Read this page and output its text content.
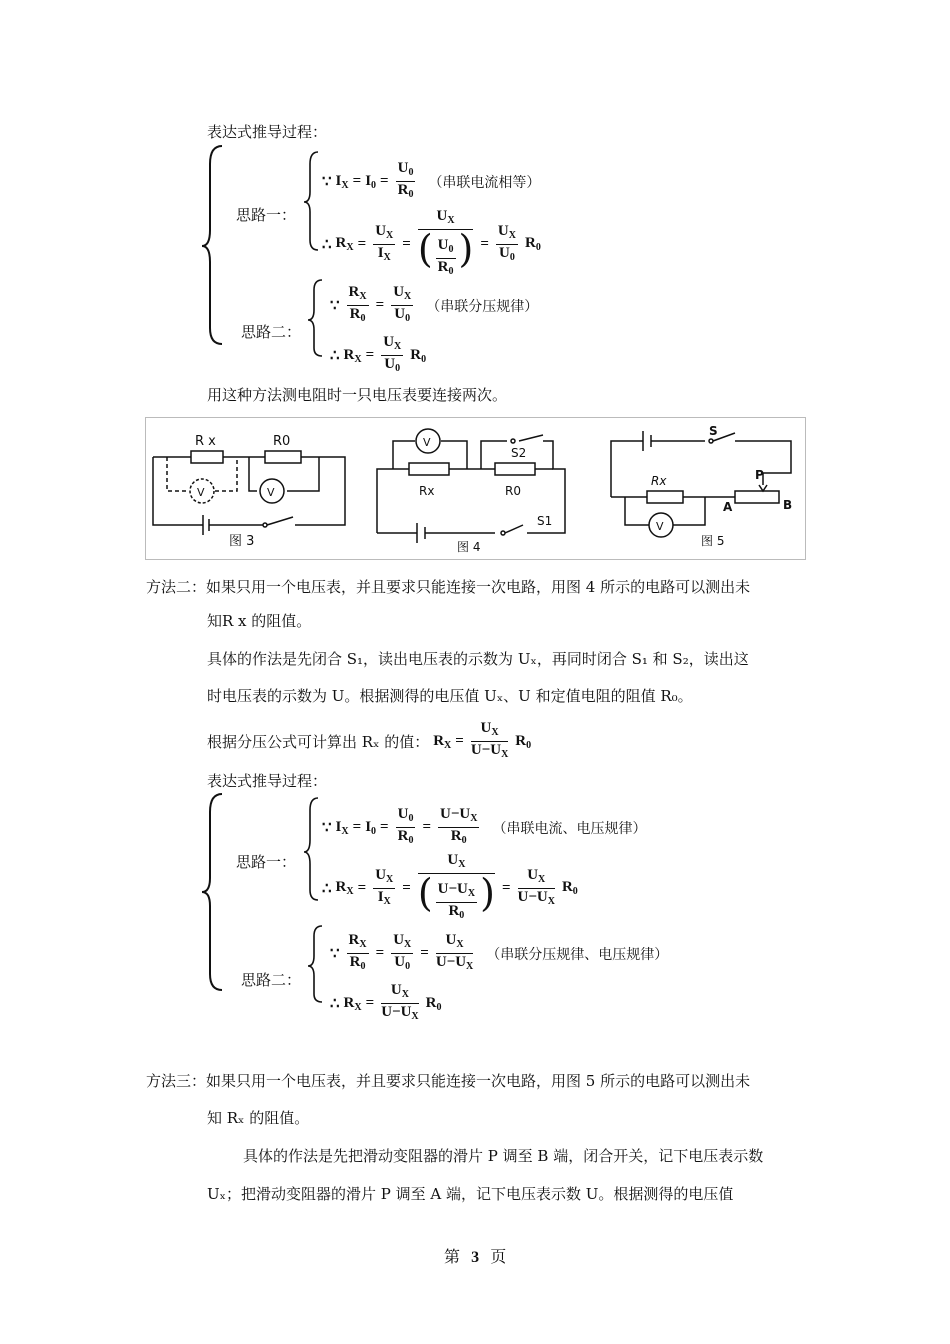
表达式推导过程：
思路一：
思路二：
∵ $I_X = I_0 = \frac{U_0}{R_0}$ （串联电流相等）
∴ $R_X = \frac{U_X}{I_X} = \frac{U_X}{( \frac{U_0}{R_0} )} = \frac{U_X}{U_0} R_0$
∵ $\frac{R_X}{R_0} = \frac{U_X}{U_0}$ （串联分压规律）
∴ $R_X = \frac{U_X}{U_0} R_0$
用这种方法测电阻时一只电压表要连接两次。
R x	R0
V	V
图 3
V
S2
Rx	R0
S1
图 4
S
P
Rx
A	B
V
图 5
方法二：如果只用一个电压表，并且要求只能连接一次电路，用图 4 所示的电路可以测出未
知R x 的阻值。
具体的作法是先闭合 S₁，读出电压表的示数为 Uₓ，再同时闭合 S₁ 和 S₂，读出这
时电压表的示数为 U。根据测得的电压值 Uₓ、U 和定值电阻的阻值 R₀。
根据分压公式可计算出 Rₓ 的值： $R_X = \frac{U_X}{U-U_X} R_0$
表达式推导过程：
思路一：
思路二：
∵ $I_X = I_0 = \frac{U_0}{R_0} = \frac{U-U_X}{R_0}$ （串联电流、电压规律）
∴ $R_X = \frac{U_X}{I_X} = \frac{U_X}{( \frac{U-U_X}{R_0} )} = \frac{U_X}{U-U_X} R_0$
∵ $\frac{R_X}{R_0} = \frac{U_X}{U_0} = \frac{U_X}{U-U_X}$ （串联分压规律、电压规律）
∴ $R_X = \frac{U_X}{U-U_X} R_0$
方法三：如果只用一个电压表，并且要求只能连接一次电路，用图 5 所示的电路可以测出未
知 Rₓ 的阻值。
具体的作法是先把滑动变阻器的滑片 P 调至 B 端，闭合开关，记下电压表示数
Uₓ；把滑动变阻器的滑片 P 调至 A 端，记下电压表示数 U。根据测得的电压值
第 3 页
